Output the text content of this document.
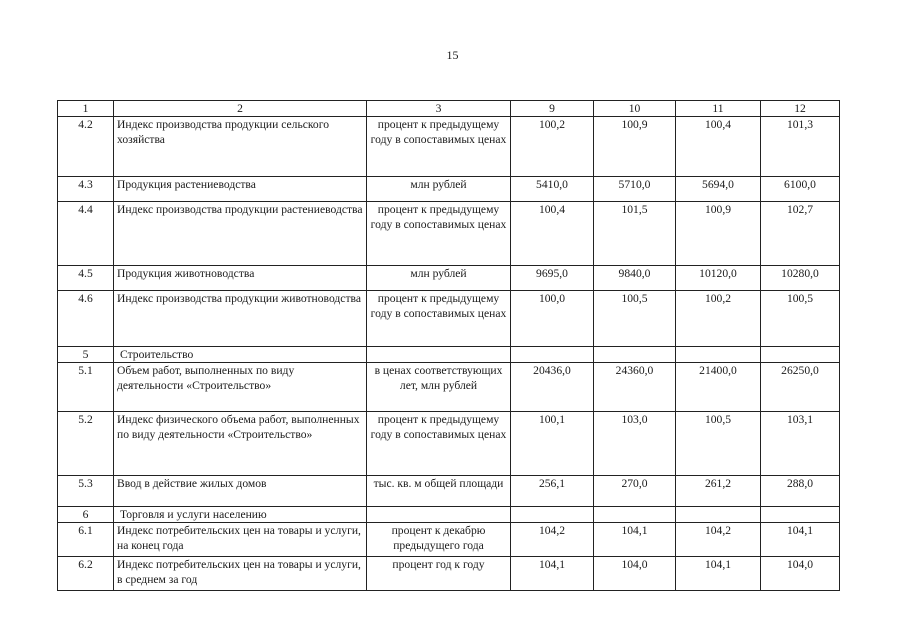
15
1	2	3	9	10	11	12
4.2	Индекс производства продукции сельского хозяйства	процент к предыдущему году в сопоставимых ценах	100,2	100,9	100,4	101,3
4.3	Продукция растениеводства	млн рублей	5410,0	5710,0	5694,0	6100,0
4.4	Индекс производства продукции растениеводства	процент к предыдущему году в сопоставимых ценах	100,4	101,5	100,9	102,7
4.5	Продукция животноводства	млн рублей	9695,0	9840,0	10120,0	10280,0
4.6	Индекс производства продукции животноводства	процент к предыдущему году в сопоставимых ценах	100,0	100,5	100,2	100,5
5	Строительство					
5.1	Объем работ, выполненных по виду деятельности «Строительство»	в ценах соответствующих лет, млн рублей	20436,0	24360,0	21400,0	26250,0
5.2	Индекс физического объема работ, выполненных по виду деятельности «Строительство»	процент к предыдущему году в сопоставимых ценах	100,1	103,0	100,5	103,1
5.3	Ввод в действие жилых домов	тыс. кв. м общей площади	256,1	270,0	261,2	288,0
6	Торговля и услуги населению					
6.1	Индекс потребительских цен на товары и услуги, на конец года	процент к декабрю предыдущего года	104,2	104,1	104,2	104,1
6.2	Индекс потребительских цен на товары и услуги, в среднем за год	процент год к году	104,1	104,0	104,1	104,0
